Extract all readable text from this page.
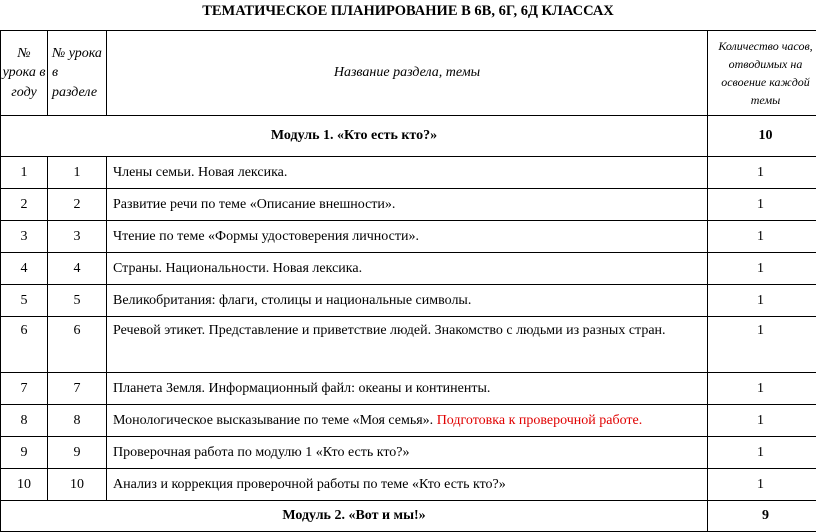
ТЕМАТИЧЕСКОЕ ПЛАНИРОВАНИЕ В 6В, 6Г, 6Д КЛАССАХ
№ урока в году	№ урока в разделе	Название раздела, темы	Количество часов, отводимых на освоение каждой темы
Модуль 1. «Кто есть кто?»			10
1	1	Члены семьи. Новая лексика.	1
2	2	Развитие речи по теме «Описание внешности».	1
3	3	Чтение по теме «Формы удостоверения личности».	1
4	4	Страны. Национальности. Новая лексика.	1
5	5	Великобритания: флаги, столицы и национальные символы.	1
6	6	Речевой этикет. Представление и приветствие людей. Знакомство с людьми из разных стран.	1
7	7	Планета Земля. Информационный файл: океаны и континенты.	1
8	8	Монологическое высказывание по теме «Моя семья». Подготовка к проверочной работе.	1
9	9	Проверочная работа по модулю 1 «Кто есть кто?»	1
10	10	Анализ и коррекция проверочной работы по теме «Кто есть кто?»	1
Модуль 2. «Вот и мы!»			9
